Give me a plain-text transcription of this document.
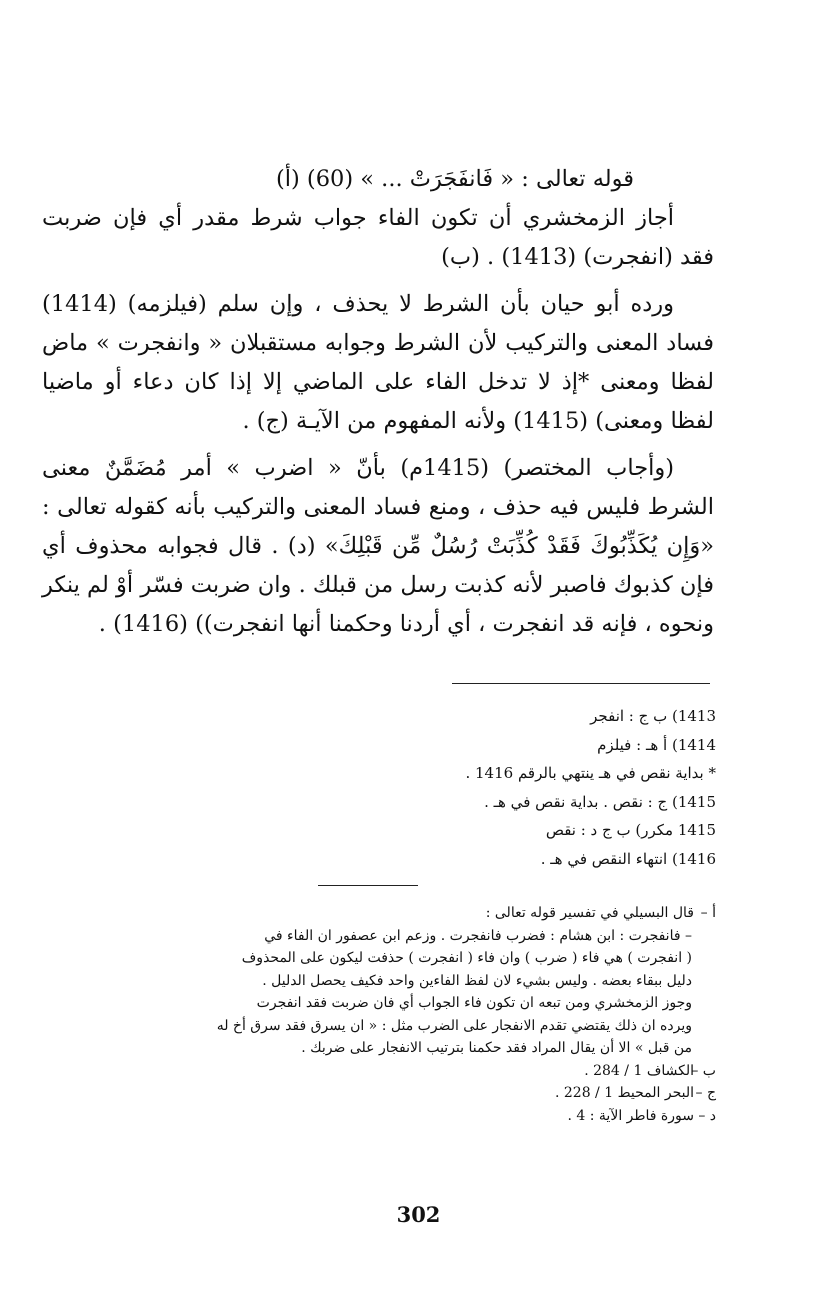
قوله تعالى : « فَانفَجَرَتْ ... » (60) (أ)

أجاز الزمخشري أن تكون الفاء جواب شرط مقدر أي فإن ضربت فقد (انفجرت) (1413) . (ب)

ورده أبو حيان بأن الشرط لا يحذف ، وإن سلم (فيلزمه) (1414) فساد المعنى والتركيب لأن الشرط وجوابه مستقبلان « وانفجرت » ماض لفظا ومعنى *إذ لا تدخل الفاء على الماضي إلا إذا كان دعاء أو ماضيا لفظا ومعنى) (1415) ولأنه المفهوم من الآيـة (ج) .

(وأجاب المختصر) (1415م) بأنّ « اضرب » أمر مُضَمَّنٌ معنى الشرط فليس فيه حذف ، ومنع فساد المعنى والتركيب بأنه كقوله تعالى : «وَإِن يُكَذِّبُوكَ فَقَدْ كُذِّبَتْ رُسُلٌ مِّن قَبْلِكَ» (د) . قال فجوابه محذوف أي فإن كذبوك فاصبر لأنه كذبت رسل من قبلك . وان ضربت فسّر أوْ لم ينكر ونحوه ، فإنه قد انفجرت ، أي أردنا وحكمنا أنها انفجرت)) (1416) .

1413) ب ج : انفجر
1414) أ هـ : فيلزم
* بداية نقص في هـ ينتهي بالرقم 1416 .
1415) ج : نقص . بداية نقص في هـ .
1415 مكرر) ب ج د : نقص
1416) انتهاء النقص في هـ .
أ –قال البسيلي في تفسير قوله تعالى :
– فانفجرت : ابن هشام : فضرب فانفجرت . وزعم ابن عصفور ان الفاء في
( انفجرت ) هي فاء ( ضرب ) وان فاء ( انفجرت ) حذفت ليكون على المحذوف
دليل ببقاء بعضه . وليس بشيء لان لفظ الفاءين واحد فكيف يحصل الدليل .
وجوز الزمخشري ومن تبعه ان تكون فاء الجواب أي فان ضربت فقد انفجرت
ويرده ان ذلك يقتضي تقدم الانفجار على الضرب مثل : « ان يسرق فقد سرق أخ له
من قبل » الا أن يقال المراد فقد حكمنا بترتيب الانفجار على ضربك .
ب –الكشاف 1 / 284 .
ج –البحر المحيط 1 / 228 .
د –سورة فاطر الآية : 4 .
302
